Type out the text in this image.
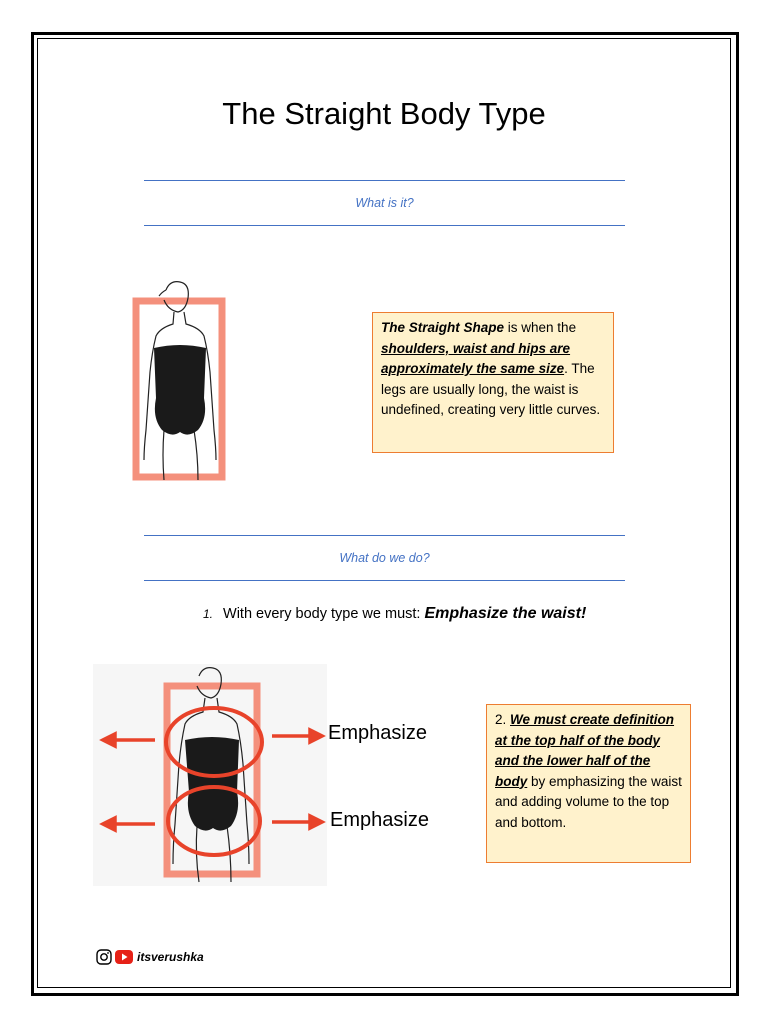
The Straight Body Type
What is it?
The Straight Shape is when the shoulders, waist and hips are approximately the same size. The legs are usually long, the waist is undefined, creating very little curves.
What do we do?
1. With every body type we must: Emphasize the waist!
Emphasize
Emphasize
2. We must create definition at the top half of the body and the lower half of the body by emphasizing the waist and adding volume to the top and bottom.
itsverushka
